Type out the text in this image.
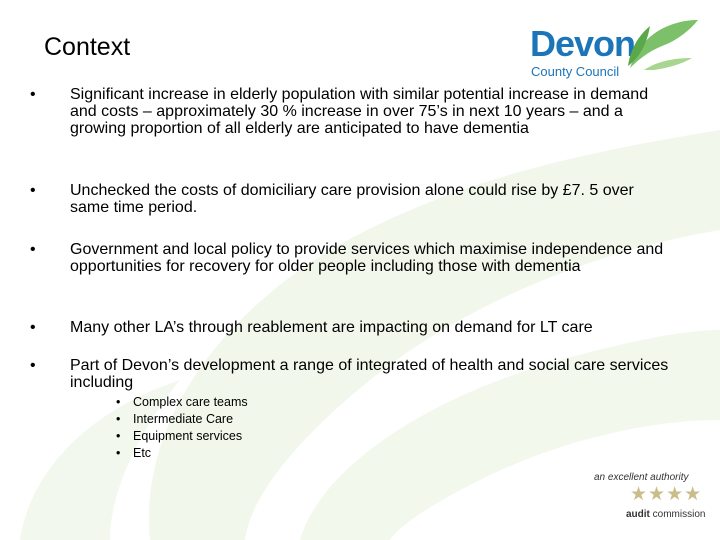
Context	Devon
County Council
•	Significant increase in elderly population with similar potential increase in demand and costs – approximately 30 % increase in over 75’s in next 10 years – and a growing proportion of all elderly are anticipated to have dementia
•	Unchecked the costs of domiciliary care provision alone could rise by £7. 5 over same time period.
•	Government and local policy to provide services which maximise independence and opportunities for recovery for older people including those with dementia
•	Many other LA’s through reablement are impacting on demand for LT care
•	Part of Devon’s development a range of integrated of health and social care services including
•	Complex care teams
•	Intermediate Care
•	Equipment services
•	Etc
an excellent authority
★★★★
audit commission
